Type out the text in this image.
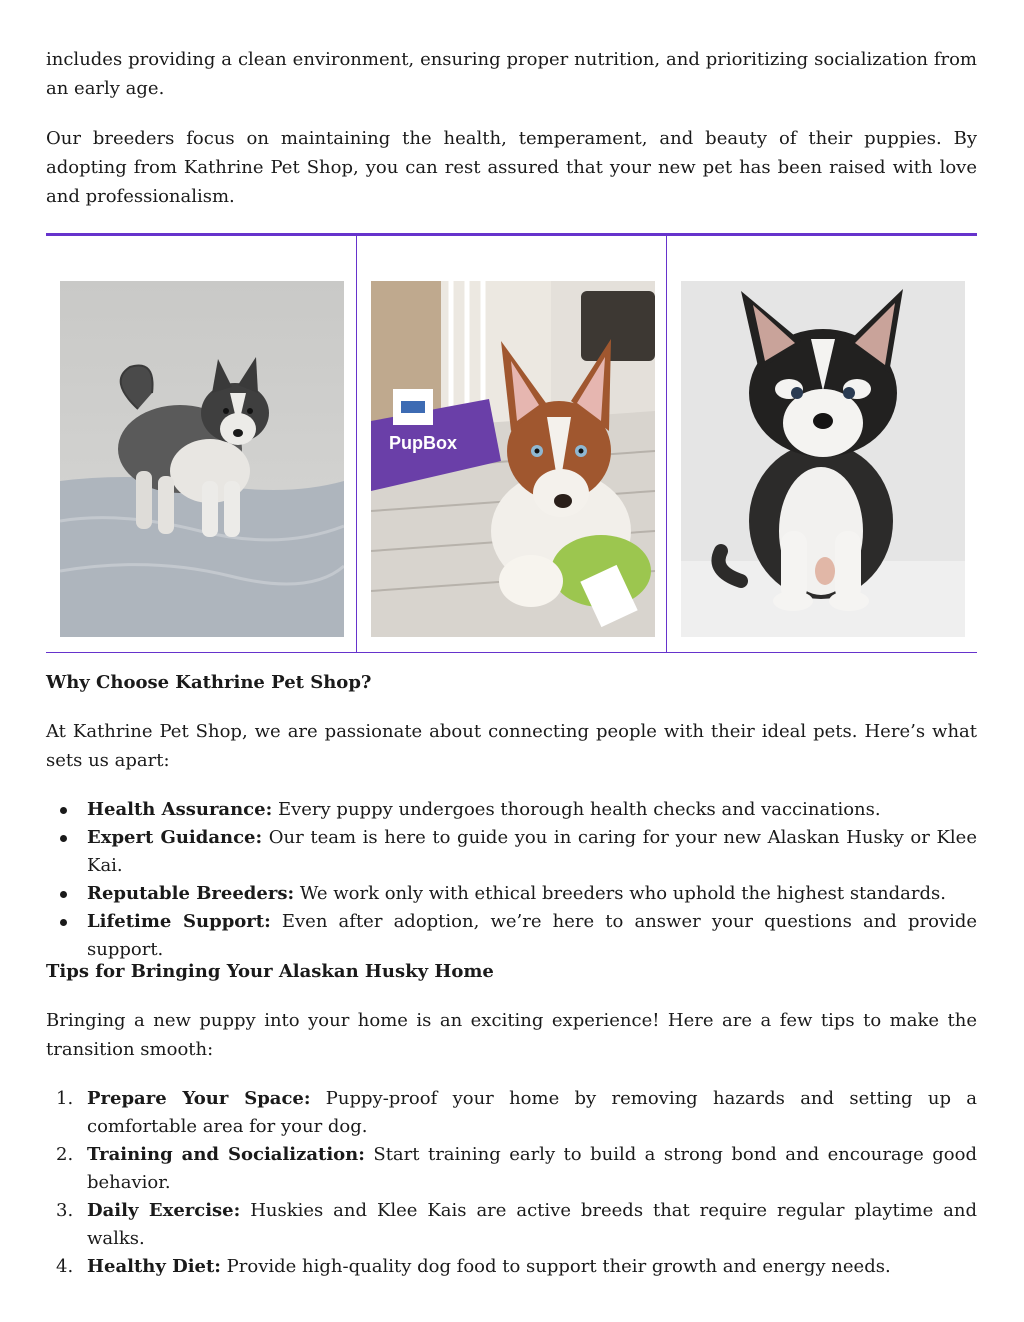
includes providing a clean environment, ensuring proper nutrition, and prioritizing socialization from an early age.

Our breeders focus on maintaining the health, temperament, and beauty of their puppies. By adopting from Kathrine Pet Shop, you can rest assured that your new pet has been raised with love and professionalism.

PupBox
Why Choose Kathrine Pet Shop?

At Kathrine Pet Shop, we are passionate about connecting people with their ideal pets. Here’s what sets us apart:

Health Assurance: Every puppy undergoes thorough health checks and vaccinations.
Expert Guidance: Our team is here to guide you in caring for your new Alaskan Husky or Klee Kai.
Reputable Breeders: We work only with ethical breeders who uphold the highest standards.
Lifetime Support: Even after adoption, we’re here to answer your questions and provide support.
Tips for Bringing Your Alaskan Husky Home

Bringing a new puppy into your home is an exciting experience! Here are a few tips to make the transition smooth:

1. Prepare Your Space: Puppy-proof your home by removing hazards and setting up a comfortable area for your dog.
2. Training and Socialization: Start training early to build a strong bond and encourage good behavior.
3. Daily Exercise: Huskies and Klee Kais are active breeds that require regular playtime and walks.
4. Healthy Diet: Provide high-quality dog food to support their growth and energy needs.
